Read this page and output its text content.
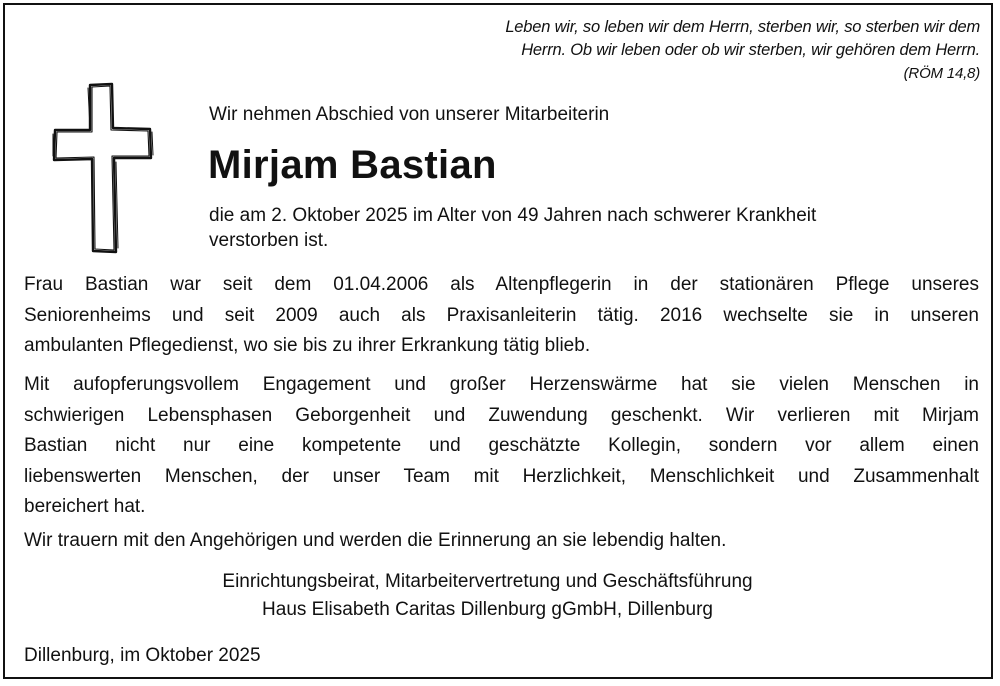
Leben wir, so leben wir dem Herrn, sterben wir, so sterben wir dem
Herrn. Ob wir leben oder ob wir sterben, wir gehören dem Herrn.
(RÖM 14,8)
Wir nehmen Abschied von unserer Mitarbeiterin
Mirjam Bastian
die am 2. Oktober 2025 im Alter von 49 Jahren nach schwerer Krankheit
verstorben ist.
Frau Bastian war seit dem 01.04.2006 als Altenpflegerin in der stationären Pflege unseres
Seniorenheims und seit 2009 auch als Praxisanleiterin tätig. 2016 wechselte sie in unseren
ambulanten Pflegedienst, wo sie bis zu ihrer Erkrankung tätig blieb.
Mit aufopferungsvollem Engagement und großer Herzenswärme hat sie vielen Menschen in
schwierigen Lebensphasen Geborgenheit und Zuwendung geschenkt. Wir verlieren mit Mirjam
Bastian nicht nur eine kompetente und geschätzte Kollegin, sondern vor allem einen
liebenswerten Menschen, der unser Team mit Herzlichkeit, Menschlichkeit und Zusammenhalt
bereichert hat.
Wir trauern mit den Angehörigen und werden die Erinnerung an sie lebendig halten.
Einrichtungsbeirat, Mitarbeitervertretung und Geschäftsführung
Haus Elisabeth Caritas Dillenburg gGmbH, Dillenburg
Dillenburg, im Oktober 2025
